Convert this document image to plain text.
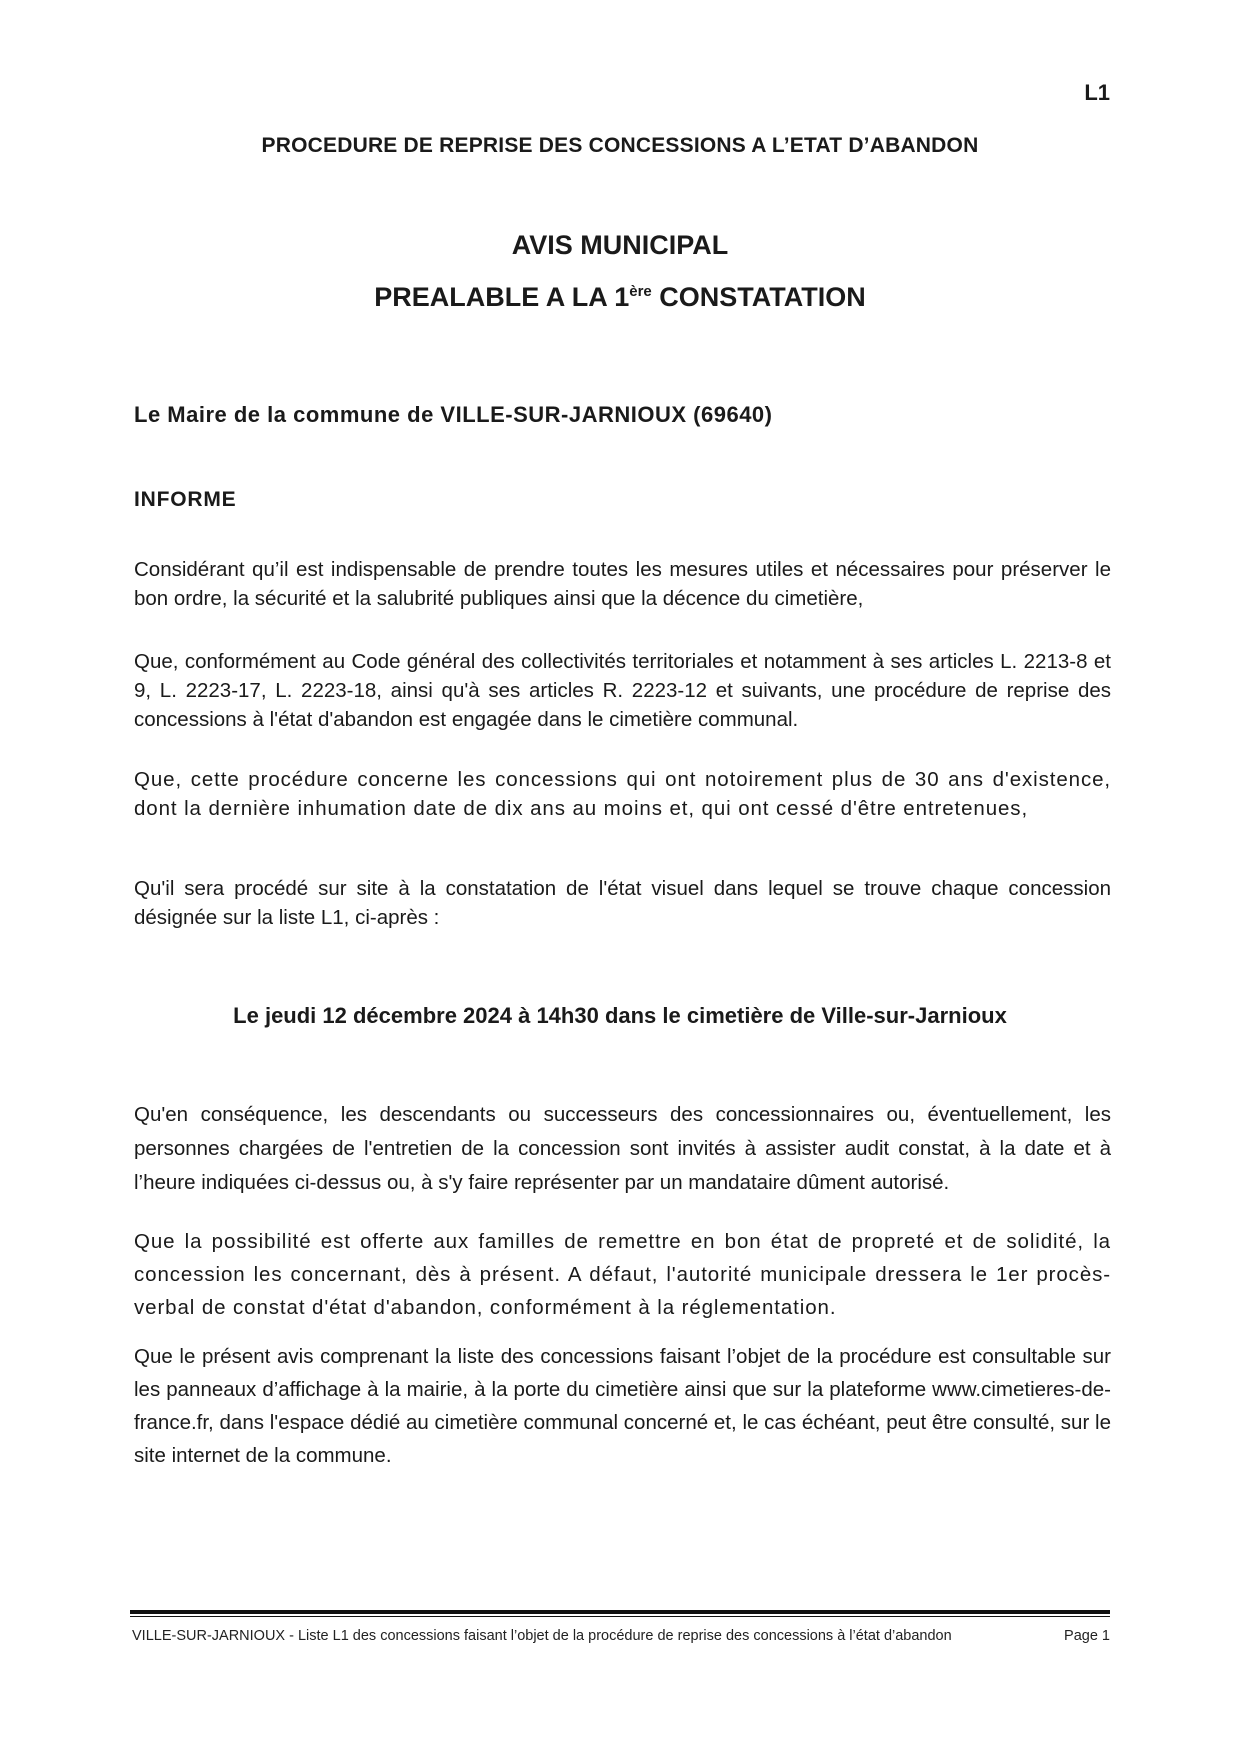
L1
PROCEDURE DE REPRISE DES CONCESSIONS A L’ETAT D’ABANDON
AVIS MUNICIPAL
PREALABLE A LA 1ère CONSTATATION
Le Maire de la commune de VILLE-SUR-JARNIOUX (69640)
INFORME
Considérant qu’il est indispensable de prendre toutes les mesures utiles et nécessaires pour préserver le bon ordre, la sécurité et la salubrité publiques ainsi que la décence du cimetière,
Que, conformément au Code général des collectivités territoriales et notamment à ses articles L. 2213-8 et 9, L. 2223-17, L. 2223-18, ainsi qu'à ses articles R. 2223-12 et suivants, une procédure de reprise des concessions à l'état d'abandon est engagée dans le cimetière communal.
Que, cette procédure concerne les concessions qui ont notoirement plus de 30 ans d'existence, dont la dernière inhumation date de dix ans au moins et, qui ont cessé d'être entretenues,
Qu'il sera procédé sur site à la constatation de l'état visuel dans lequel se trouve chaque concession désignée sur la liste L1, ci-après :
Le jeudi 12 décembre 2024 à 14h30 dans le cimetière de Ville-sur-Jarnioux
Qu'en conséquence, les descendants ou successeurs des concessionnaires ou, éventuellement, les personnes chargées de l'entretien de la concession sont invités à assister audit constat, à la date et à l’heure indiquées ci-dessus ou, à s'y faire représenter par un mandataire dûment autorisé.
Que la possibilité est offerte aux familles de remettre en bon état de propreté et de solidité, la concession les concernant, dès à présent. A défaut, l'autorité municipale dressera le 1er procès-verbal de constat d'état d'abandon, conformément à la réglementation.
Que le présent avis comprenant la liste des concessions faisant l’objet de la procédure est consultable sur les panneaux d’affichage à la mairie, à la porte du cimetière ainsi que sur la plateforme www.cimetieres-de-france.fr, dans l'espace dédié au cimetière communal concerné et, le cas échéant, peut être consulté, sur le site internet de la commune.
VILLE-SUR-JARNIOUX - Liste L1 des concessions faisant l’objet de la procédure de reprise des concessions à l’état d’abandon	Page 1
